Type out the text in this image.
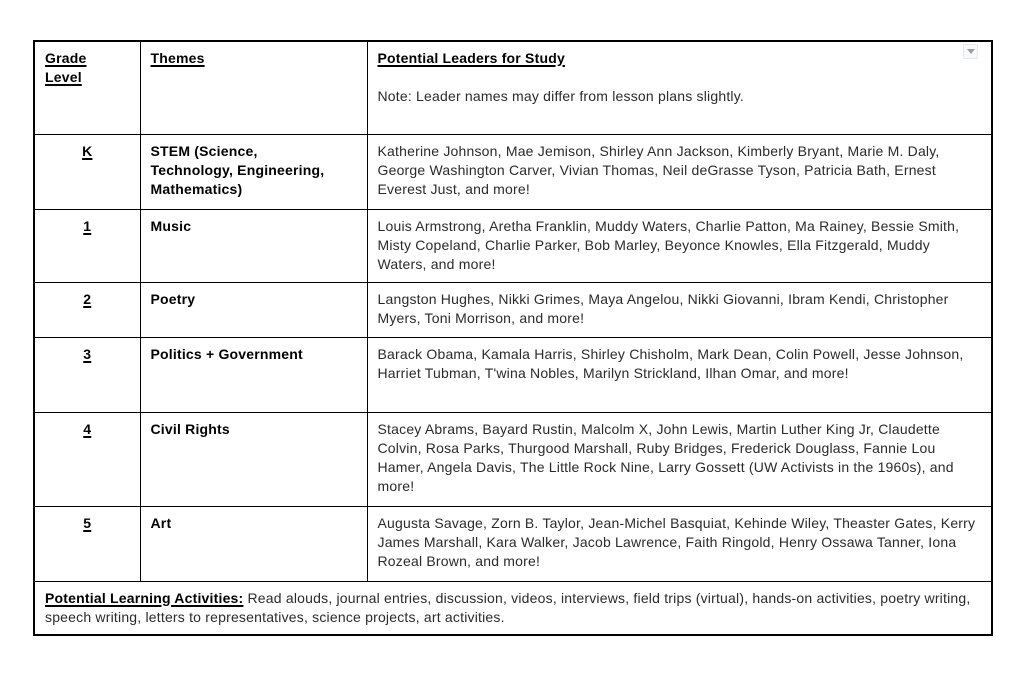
Grade Level	Themes	Potential Leaders for Study
Note: Leader names may differ from lesson plans slightly.

K	STEM (Science, Technology, Engineering, Mathematics)	Katherine Johnson, Mae Jemison, Shirley Ann Jackson, Kimberly Bryant, Marie M. Daly, George Washington Carver, Vivian Thomas, Neil deGrasse Tyson, Patricia Bath, Ernest Everest Just, and more!
1	Music	Louis Armstrong, Aretha Franklin, Muddy Waters, Charlie Patton, Ma Rainey, Bessie Smith, Misty Copeland, Charlie Parker, Bob Marley, Beyonce Knowles, Ella Fitzgerald, Muddy Waters, and more!
2	Poetry	Langston Hughes, Nikki Grimes, Maya Angelou, Nikki Giovanni, Ibram Kendi, Christopher Myers, Toni Morrison, and more!
3	Politics + Government	Barack Obama, Kamala Harris, Shirley Chisholm, Mark Dean, Colin Powell, Jesse Johnson, Harriet Tubman, T'wina Nobles, Marilyn Strickland, Ilhan Omar, and more!
4	Civil Rights	Stacey Abrams, Bayard Rustin, Malcolm X, John Lewis, Martin Luther King Jr, Claudette Colvin, Rosa Parks, Thurgood Marshall, Ruby Bridges, Frederick Douglass, Fannie Lou Hamer, Angela Davis, The Little Rock Nine, Larry Gossett (UW Activists in the 1960s), and more!
5	Art	Augusta Savage, Zorn B. Taylor, Jean-Michel Basquiat, Kehinde Wiley, Theaster Gates, Kerry James Marshall, Kara Walker, Jacob Lawrence, Faith Ringold, Henry Ossawa Tanner, Iona Rozeal Brown, and more!
Potential Learning Activities: Read alouds, journal entries, discussion, videos, interviews, field trips (virtual), hands-on activities, poetry writing, speech writing, letters to representatives, science projects, art activities.		
